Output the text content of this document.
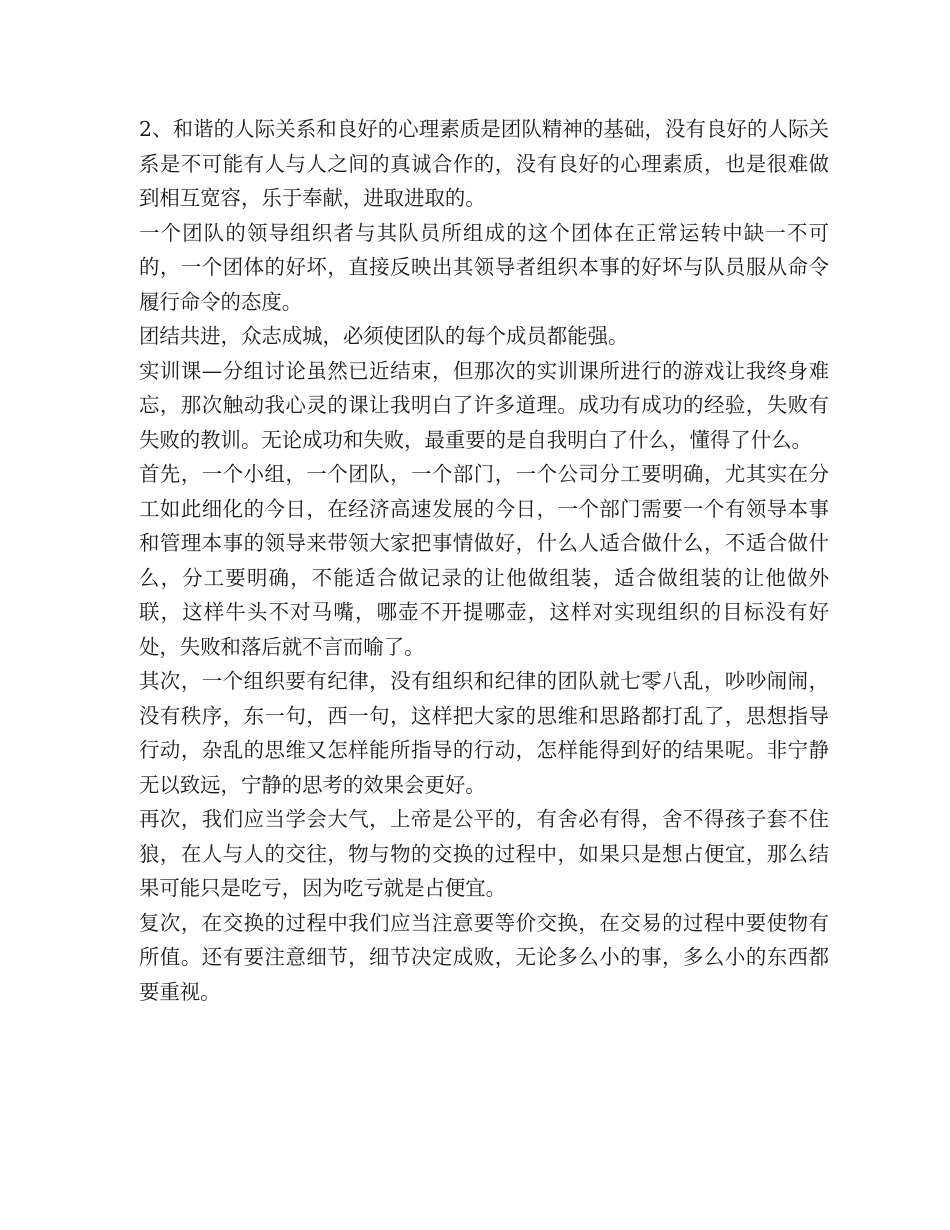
2、和谐的人际关系和良好的心理素质是团队精神的基础，没有良好的人际关系是不可能有人与人之间的真诚合作的，没有良好的心理素质，也是很难做到相互宽容，乐于奉献，进取进取的。

一个团队的领导组织者与其队员所组成的这个团体在正常运转中缺一不可的，一个团体的好坏，直接反映出其领导者组织本事的好坏与队员服从命令履行命令的态度。

团结共进，众志成城，必须使团队的每个成员都能强。

实训课—分组讨论虽然已近结束，但那次的实训课所进行的游戏让我终身难忘，那次触动我心灵的课让我明白了许多道理。成功有成功的经验，失败有失败的教训。无论成功和失败，最重要的是自我明白了什么，懂得了什么。

首先，一个小组，一个团队，一个部门，一个公司分工要明确，尤其实在分工如此细化的今日，在经济高速发展的今日，一个部门需要一个有领导本事和管理本事的领导来带领大家把事情做好，什么人适合做什么，不适合做什么，分工要明确，不能适合做记录的让他做组装，适合做组装的让他做外联，这样牛头不对马嘴，哪壶不开提哪壶，这样对实现组织的目标没有好处，失败和落后就不言而喻了。

其次，一个组织要有纪律，没有组织和纪律的团队就七零八乱，吵吵闹闹，没有秩序，东一句，西一句，这样把大家的思维和思路都打乱了，思想指导行动，杂乱的思维又怎样能所指导的行动，怎样能得到好的结果呢。非宁静无以致远，宁静的思考的效果会更好。

再次，我们应当学会大气，上帝是公平的，有舍必有得，舍不得孩子套不住狼，在人与人的交往，物与物的交换的过程中，如果只是想占便宜，那么结果可能只是吃亏，因为吃亏就是占便宜。

复次，在交换的过程中我们应当注意要等价交换，在交易的过程中要使物有所值。还有要注意细节，细节决定成败，无论多么小的事，多么小的东西都要重视。
